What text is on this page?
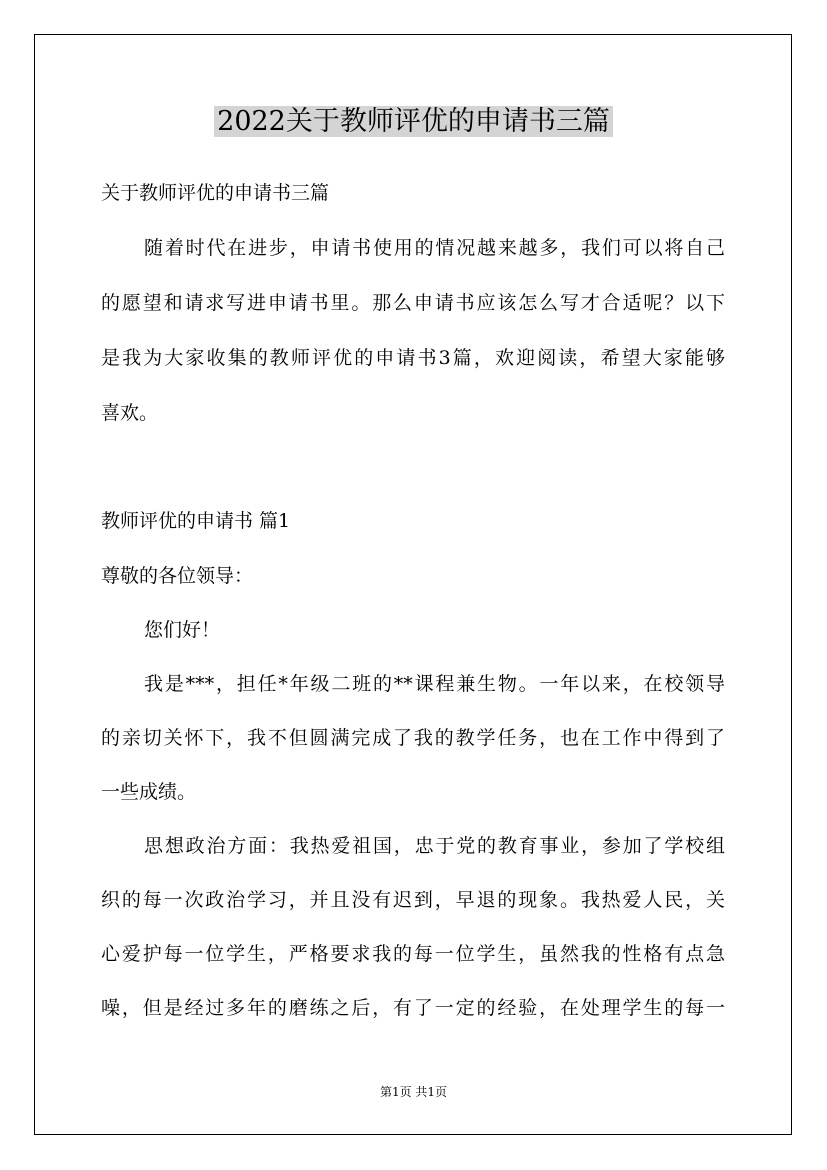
2022关于教师评优的申请书三篇
关于教师评优的申请书三篇
随着时代在进步，申请书使用的情况越来越多，我们可以将自己
的愿望和请求写进申请书里。那么申请书应该怎么写才合适呢？以下
是我为大家收集的教师评优的申请书3篇，欢迎阅读，希望大家能够
喜欢。
教师评优的申请书 篇1
尊敬的各位领导：
您们好！
我是***，担任*年级二班的**课程兼生物。一年以来，在校领导
的亲切关怀下，我不但圆满完成了我的教学任务，也在工作中得到了
一些成绩。
思想政治方面：我热爱祖国，忠于党的教育事业，参加了学校组
织的每一次政治学习，并且没有迟到，早退的现象。我热爱人民，关
心爱护每一位学生，严格要求我的每一位学生，虽然我的性格有点急
噪，但是经过多年的磨练之后，有了一定的经验，在处理学生的每一
第1页 共1页
